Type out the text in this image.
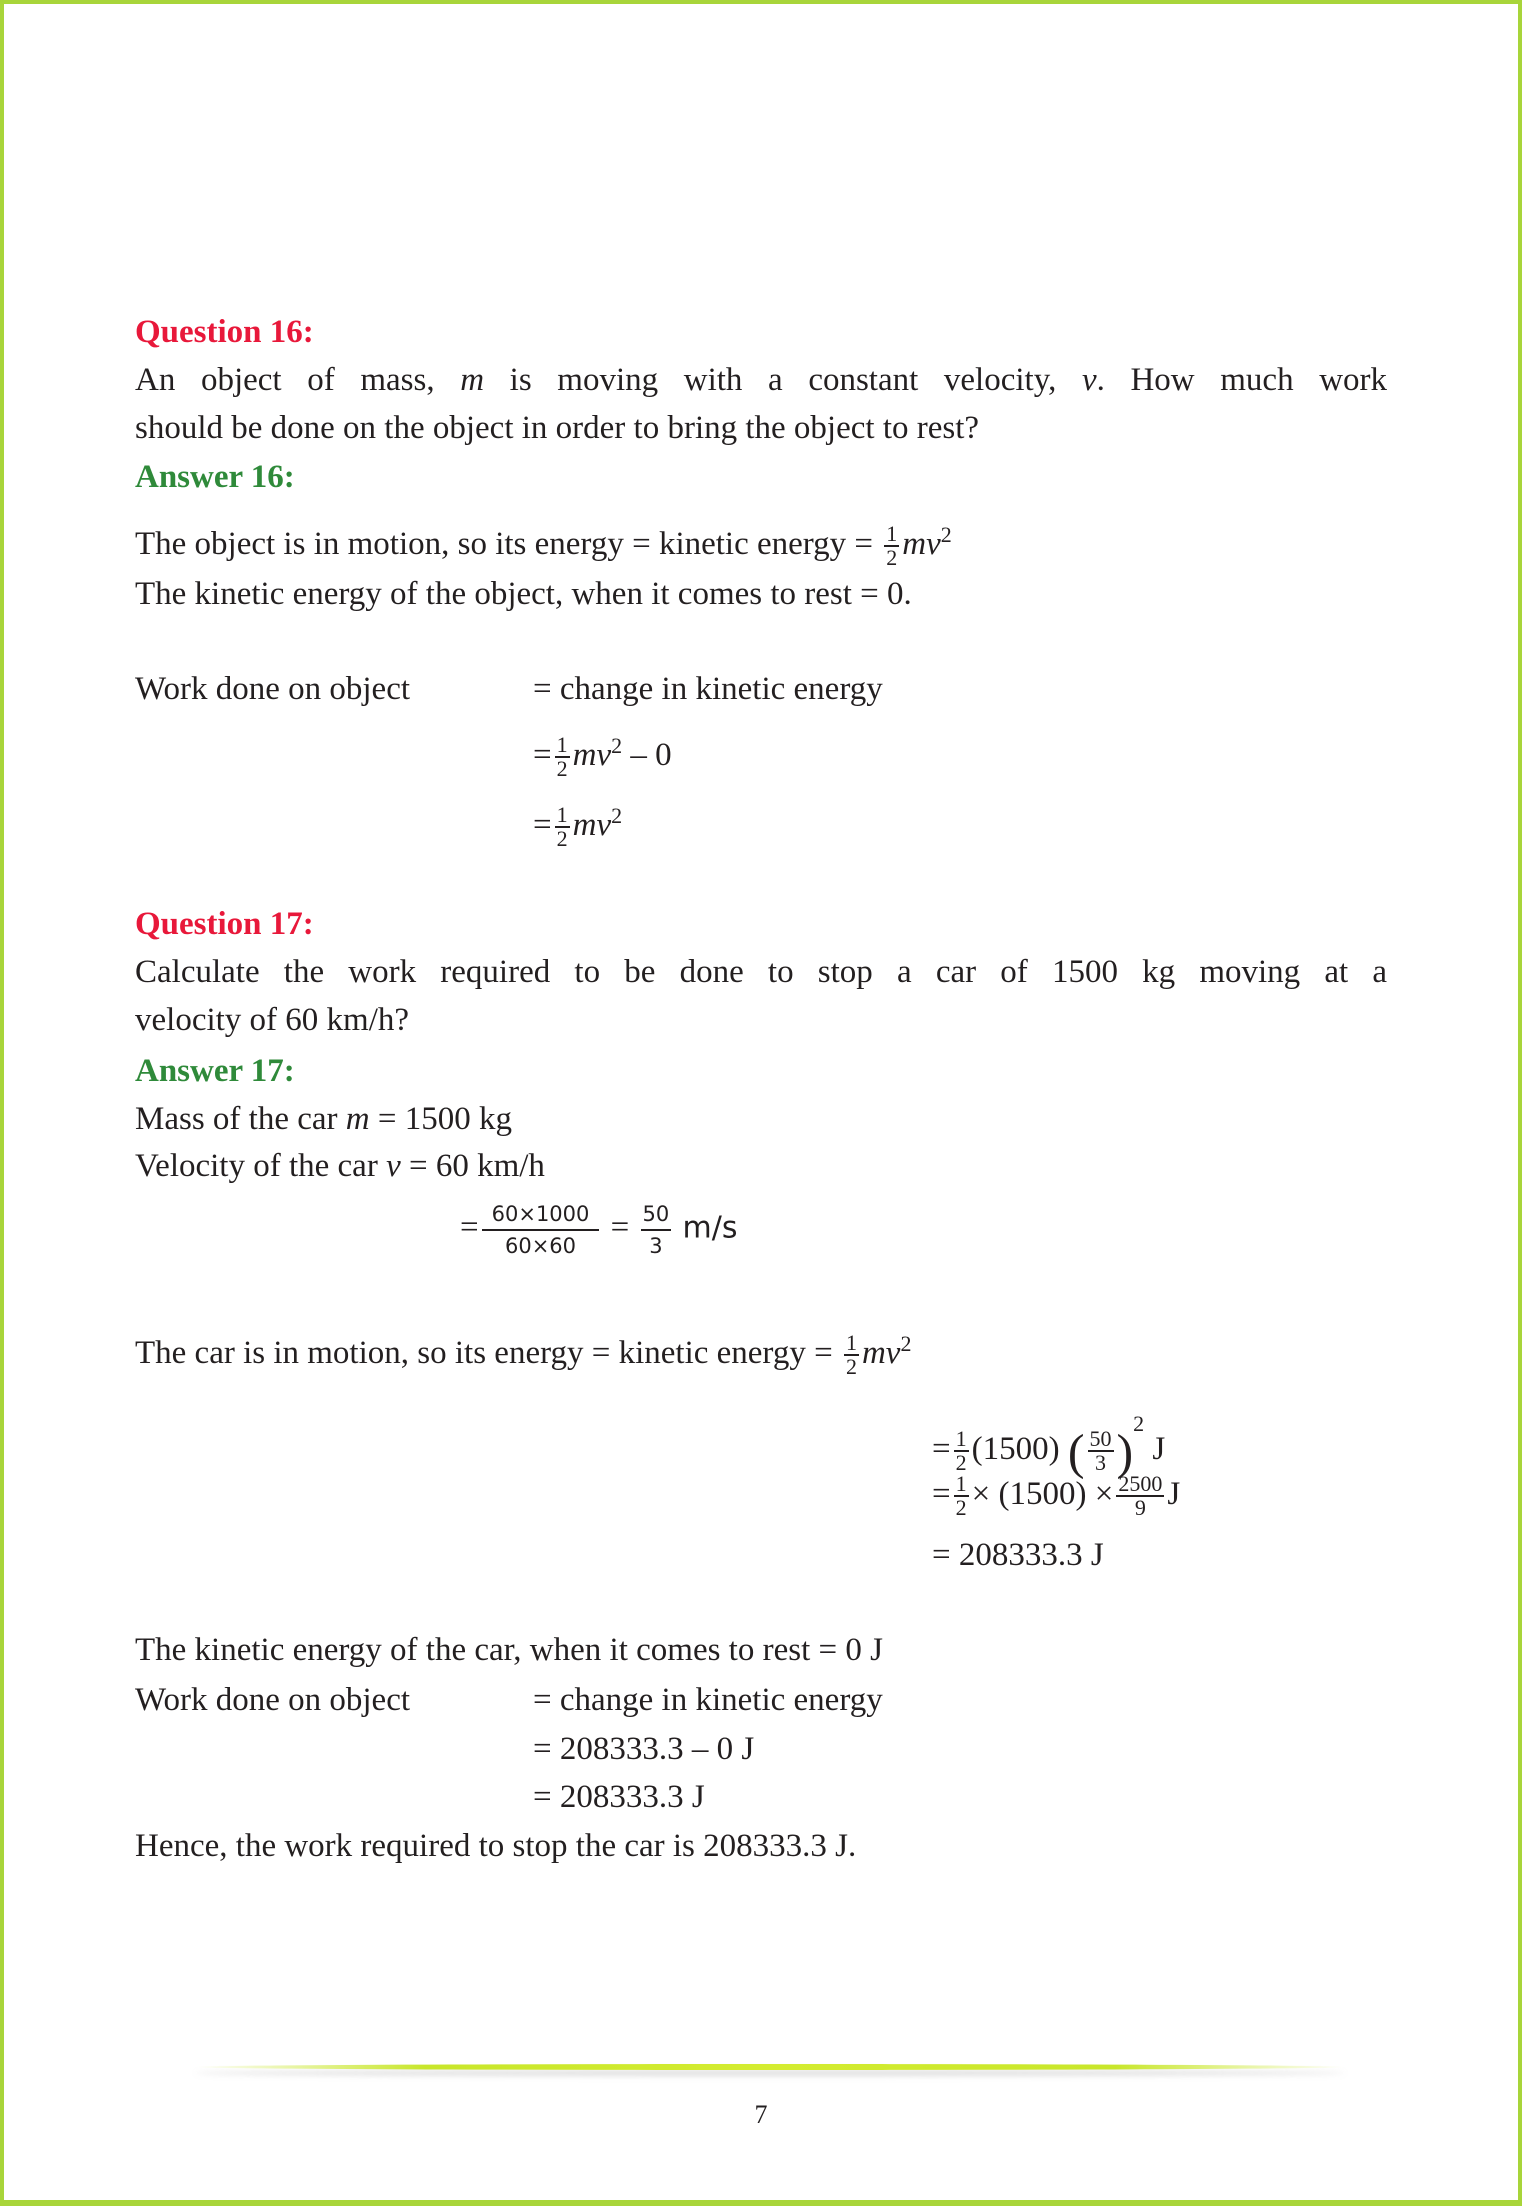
Question 16:
An object of mass, m is moving with a constant velocity, v. How much work
should be done on the object in order to bring the object to rest?
Answer 16:
The object is in motion, so its energy = kinetic energy = $\frac{1}{2} mv^2$
The kinetic energy of the object, when it comes to rest = 0.
Work done on object	= change in kinetic energy
= $\frac{1}{2} mv^2 - 0$
= $\frac{1}{2} mv^2$
Question 17:
Calculate the work required to be done to stop a car of 1500 kg moving at a
velocity of 60 km/h?
Answer 17:
Mass of the car m = 1500 kg
Velocity of the car v = 60 km/h
= $\frac{60\times 1000}{60\times 60} = \frac{50}{3} m/s$
The car is in motion, so its energy = kinetic energy = $\frac{1}{2} mv^2$
= $\frac{1}{2} (1500)$ ( $\frac{50}{3} )^2$ J
= $\frac{1}{2} \times (1500) \times \frac{2500}{9}$ J
= 208333.3 J
The kinetic energy of the car, when it comes to rest = 0 J
Work done on object	= change in kinetic energy
= 208333.3 – 0 J
= 208333.3 J
Hence, the work required to stop the car is 208333.3 J.
7
